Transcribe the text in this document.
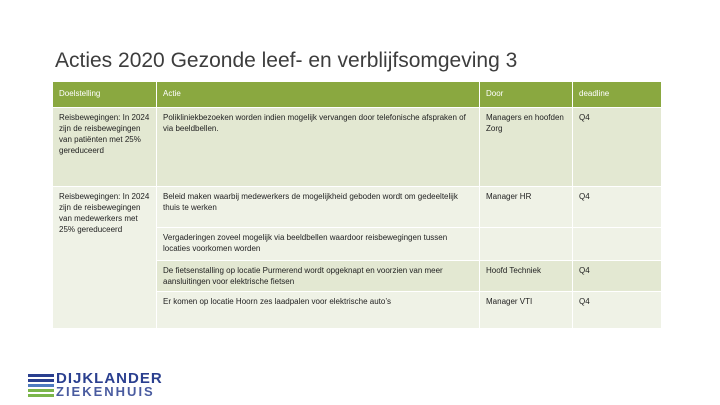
Acties 2020 Gezonde leef- en verblijfsomgeving 3
Doelstelling	Actie	Door	deadline
Reisbewegingen: In 2024 zijn de reisbewegingen van patiënten met 25% gereduceerd	Polikliniekbezoeken worden indien mogelijk vervangen door telefonische afspraken of via beeldbellen.	Managers en hoofden Zorg	Q4
Reisbewegingen: In 2024 zijn de reisbewegingen van medewerkers met 25% gereduceerd	Beleid maken waarbij medewerkers de mogelijkheid geboden wordt om gedeeltelijk thuis te werken	Manager HR	Q4
	Vergaderingen zoveel mogelijk via beeldbellen waardoor reisbewegingen tussen locaties voorkomen worden		
	De fietsenstalling op locatie Purmerend wordt opgeknapt en voorzien van meer aansluitingen voor elektrische fietsen	Hoofd Techniek	Q4
	Er komen op locatie Hoorn zes laadpalen voor elektrische auto’s	Manager VTI	Q4
DIJKLANDER
ZIEKENHUIS
